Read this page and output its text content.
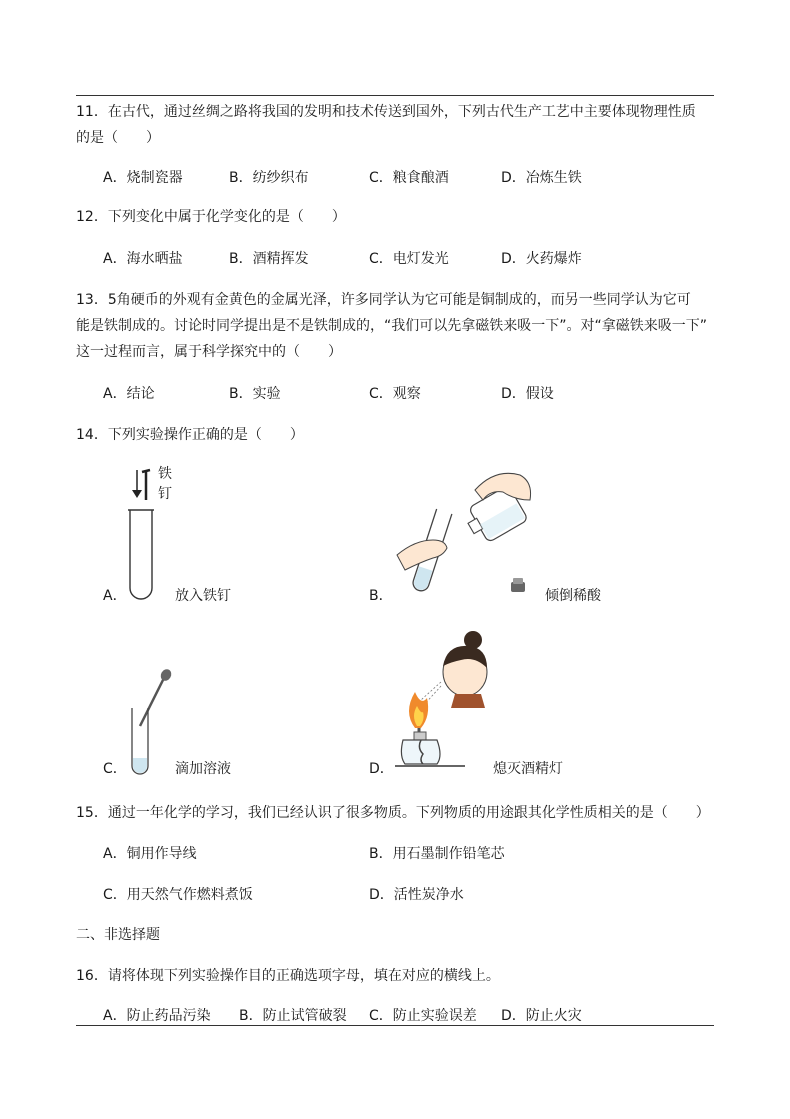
11．在古代，通过丝绸之路将我国的发明和技术传送到国外，下列古代生产工艺中主要体现物理性质
的是（　　）
A．烧制瓷器	B．纺纱织布	C．粮食酿酒	D．冶炼生铁
12．下列变化中属于化学变化的是（　　）
A．海水晒盐	B．酒精挥发	C．电灯发光	D．火药爆炸
13．5角硬币的外观有金黄色的金属光泽，许多同学认为它可能是铜制成的，而另一些同学认为它可
能是铁制成的。讨论时同学提出是不是铁制成的，“我们可以先拿磁铁来吸一下”。对“拿磁铁来吸一下”
这一过程而言，属于科学探究中的（　　）
A．结论	B．实验	C．观察	D．假设
14．下列实验操作正确的是（　　）
铁
钉
A．	放入铁钉	B．	倾倒稀酸
C．	滴加溶液	D．	熄灭酒精灯
15．通过一年化学的学习，我们已经认识了很多物质。下列物质的用途跟其化学性质相关的是（　　）
A．铜用作导线	B．用石墨制作铅笔芯
C．用天然气作燃料煮饭	D．活性炭净水
二、非选择题
16．请将体现下列实验操作目的正确选项字母，填在对应的横线上。
A．防止药品污染 B．防止试管破裂 C．防止实验误差 D．防止火灾
